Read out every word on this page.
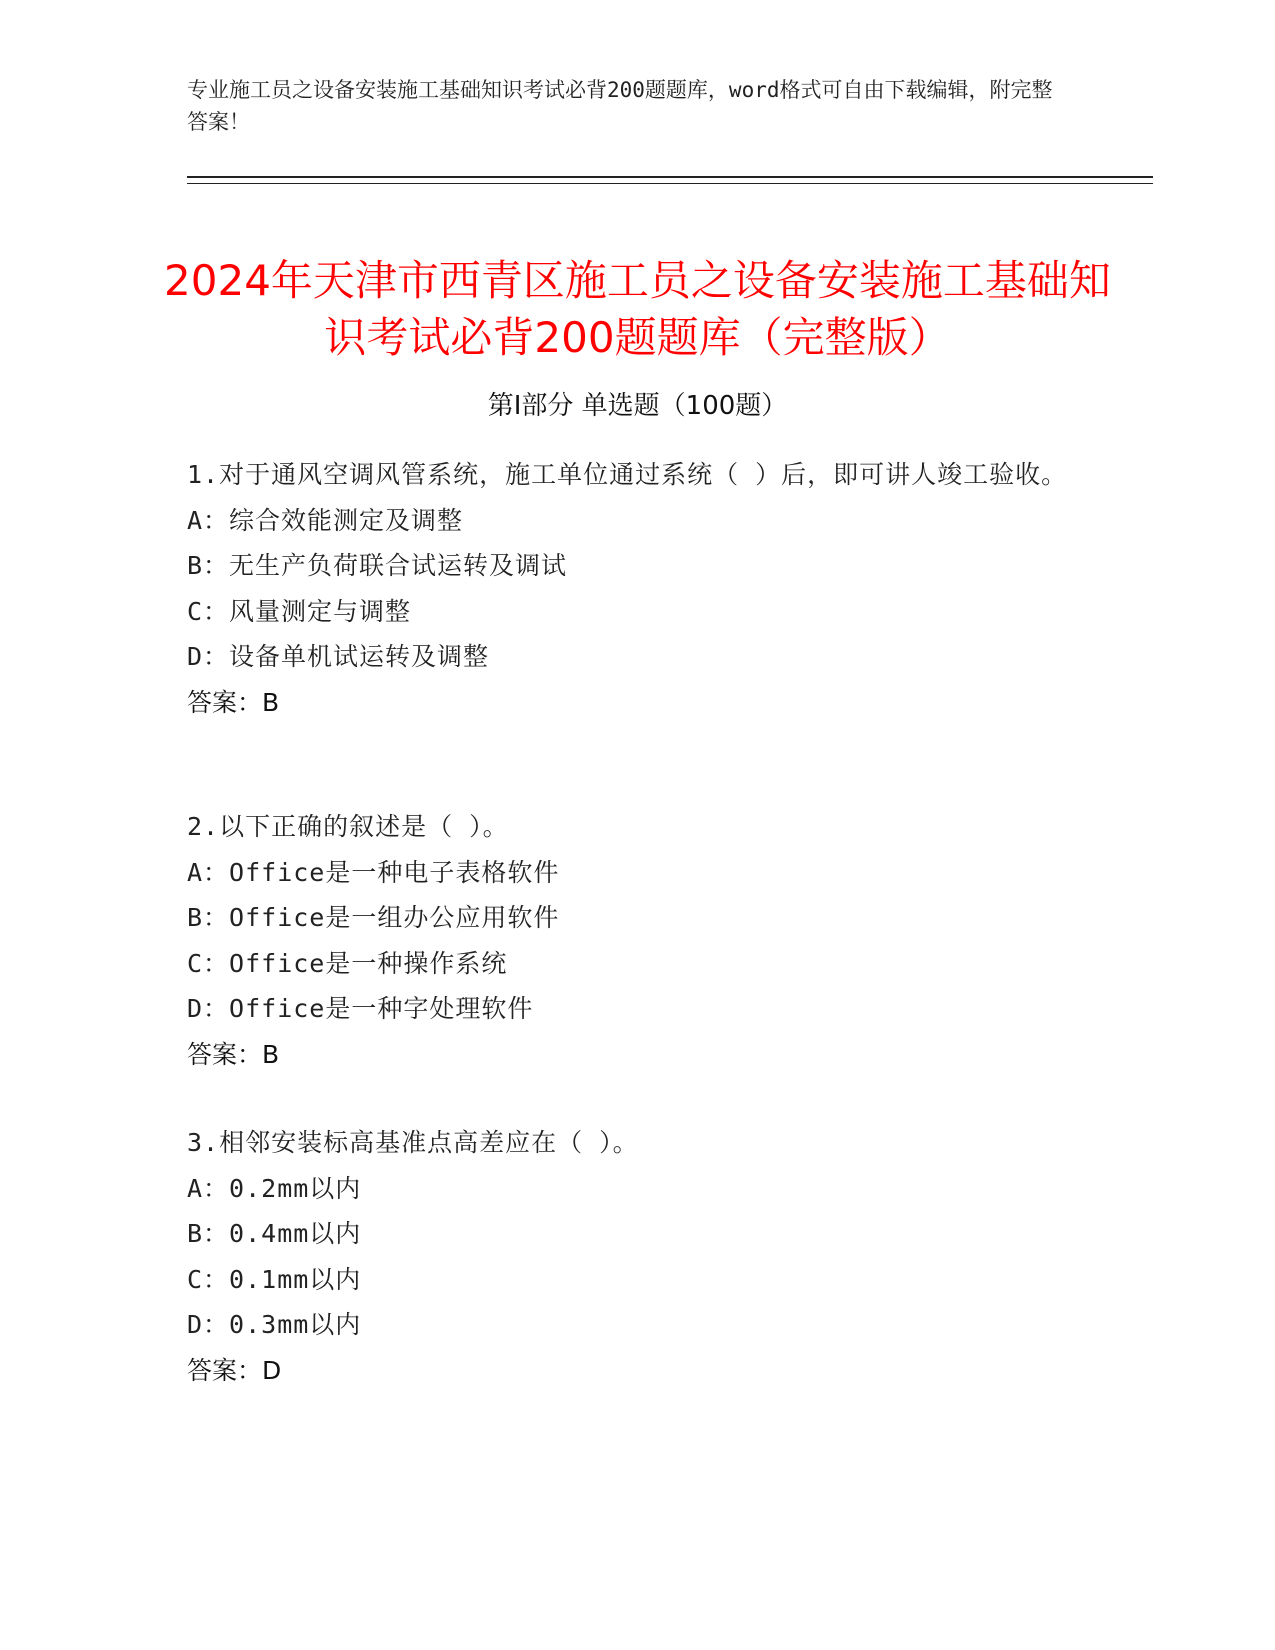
专业施工员之设备安装施工基础知识考试必背200题题库，word格式可自由下载编辑，附完整答案！
2024年天津市西青区施工员之设备安装施工基础知识考试必背200题题库（完整版）
第I部分 单选题（100题）
1.对于通风空调风管系统，施工单位通过系统（ ）后，即可讲人竣工验收。
A：综合效能测定及调整
B：无生产负荷联合试运转及调试
C：风量测定与调整
D：设备单机试运转及调整
答案：B
2.以下正确的叙述是（ ）。
A：Office是一种电子表格软件
B：Office是一组办公应用软件
C：Office是一种操作系统
D：Office是一种字处理软件
答案：B
3.相邻安装标高基准点高差应在（ ）。
A：0.2mm以内
B：0.4mm以内
C：0.1mm以内
D：0.3mm以内
答案：D
